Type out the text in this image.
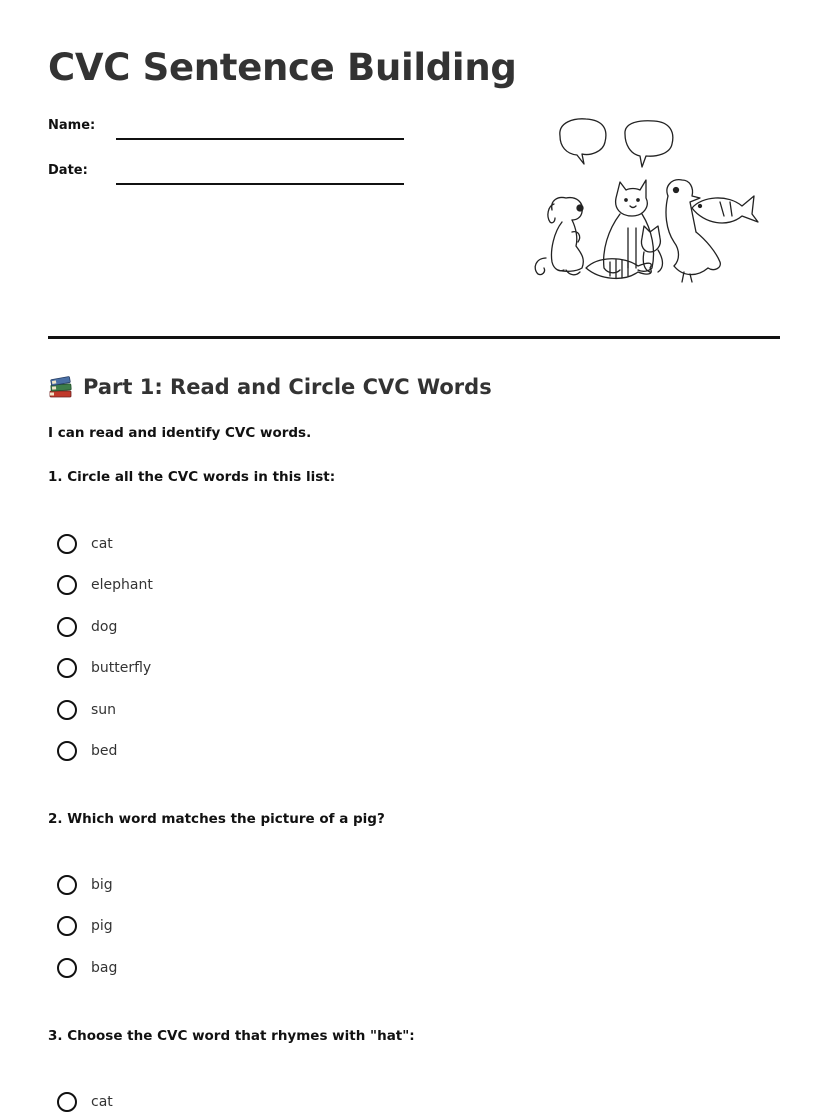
CVC Sentence Building
Name:
Date:
Part 1: Read and Circle CVC Words
I can read and identify CVC words.
1. Circle all the CVC words in this list:
cat
elephant
dog
butterfly
sun
bed
2. Which word matches the picture of a pig?
big
pig
bag
3. Choose the CVC word that rhymes with "hat":
cat
